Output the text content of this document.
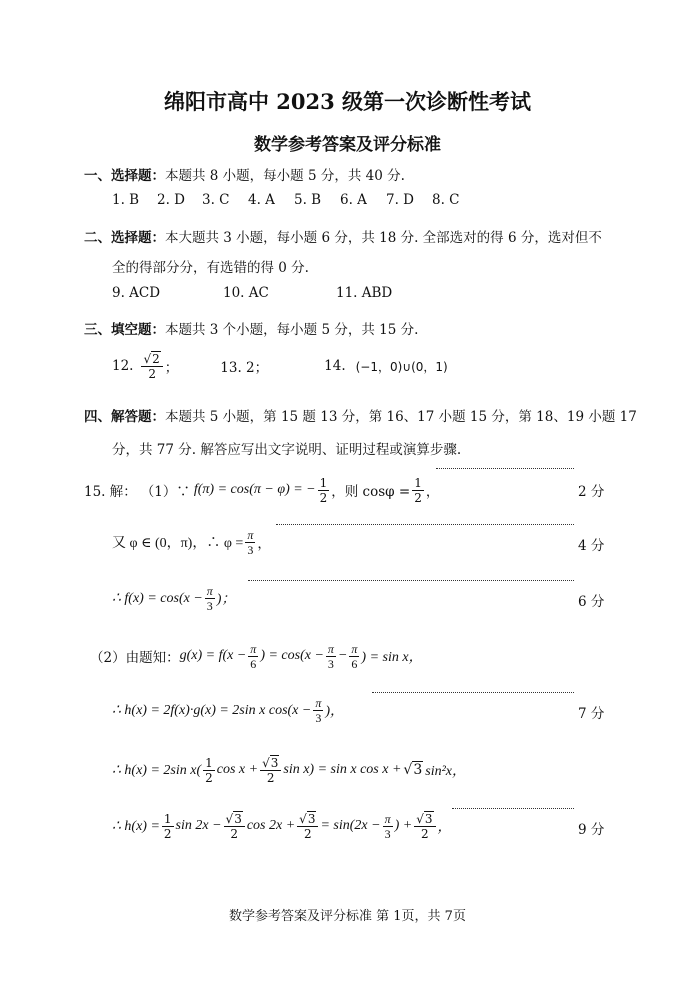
绵阳市高中 2023 级第一次诊断性考试
数学参考答案及评分标准
一、选择题：本题共 8 小题，每小题 5 分，共 40 分.
1. B 2. D 3. C 4. A 5. B 6. A 7. D 8. C
二、选择题：本大题共 3 小题，每小题 6 分，共 18 分. 全部选对的得 6 分，选对但不
全的得部分分，有选错的得 0 分.
9. ACD	10. AC	11. ABD
三、填空题：本题共 3 个小题，每小题 5 分，共 15 分.
12. $\frac{√2}{2}$ ；	13. 2；	14. (−1，0)∪(0，1)
四、解答题：本题共 5 小题，第 15 题 13 分，第 16、17 小题 15 分，第 18、19 小题 17
分，共 77 分. 解答应写出文字说明、证明过程或演算步骤.
15. 解： （1）∵ f(π) = cos(π − φ) = − $\frac{1}{2}$ ，则 $\cos\varphi = \frac{1}{2}$ ，	2 分
又 φ ∈ (0，π)，∴ $\varphi = \frac{\pi}{3}$ ，	4 分
∴ $f(x) = \cos(x - \frac{\pi}{3}$ )；	6 分
（2）由题知： $g(x) = f(x - \frac{\pi}{6}$ ) = $\cos(x - \frac{\pi}{3} - \frac{\pi}{6}$ ) = sin x，
∴ h(x) = 2f(x)·g(x) = 2sin x $\cos(x - \frac{\pi}{3}$ )，	7 分
∴ h(x) = 2sin $x( \frac{1}{2}$ $\cos x + \frac{√3}{2}$ sin x) = sin x cos x + √3 sin²x，
∴ $h(x) = \frac{1}{2}$ $\sin 2x - \frac{√3}{2}$ $\cos 2x + \frac{√3}{2} = \sin(2x - \frac{\pi}{3}$ ) + $\frac{√3}{2}$ ，	9 分
数学参考答案及评分标准 第 1页，共 7页
